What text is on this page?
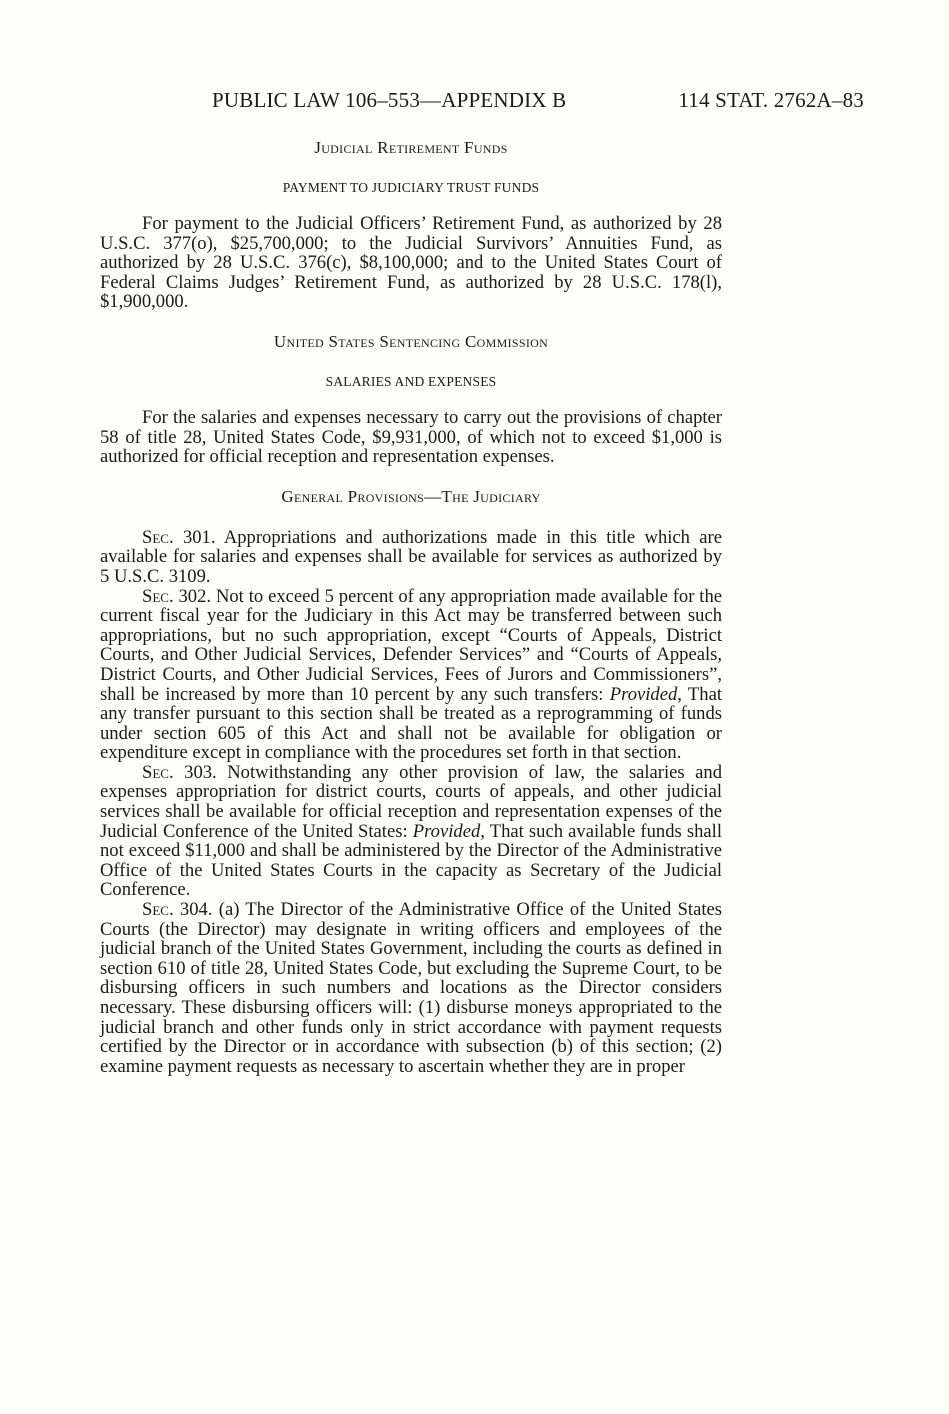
PUBLIC LAW 106–553—APPENDIX B	114 STAT. 2762A–83
Judicial Retirement Funds
PAYMENT TO JUDICIARY TRUST FUNDS

For payment to the Judicial Officers’ Retirement Fund, as authorized by 28 U.S.C. 377(o), $25,700,000; to the Judicial Survivors’ Annuities Fund, as authorized by 28 U.S.C. 376(c), $8,100,000; and to the United States Court of Federal Claims Judges’ Retirement Fund, as authorized by 28 U.S.C. 178(l), $1,900,000.

United States Sentencing Commission
SALARIES AND EXPENSES

For the salaries and expenses necessary to carry out the provisions of chapter 58 of title 28, United States Code, $9,931,000, of which not to exceed $1,000 is authorized for official reception and representation expenses.

General Provisions—The Judiciary

Sec. 301. Appropriations and authorizations made in this title which are available for salaries and expenses shall be available for services as authorized by 5 U.S.C. 3109.

Sec. 302. Not to exceed 5 percent of any appropriation made available for the current fiscal year for the Judiciary in this Act may be transferred between such appropriations, but no such appropriation, except “Courts of Appeals, District Courts, and Other Judicial Services, Defender Services” and “Courts of Appeals, District Courts, and Other Judicial Services, Fees of Jurors and Commissioners”, shall be increased by more than 10 percent by any such transfers: Provided, That any transfer pursuant to this section shall be treated as a reprogramming of funds under section 605 of this Act and shall not be available for obligation or expenditure except in compliance with the procedures set forth in that section.

Sec. 303. Notwithstanding any other provision of law, the salaries and expenses appropriation for district courts, courts of appeals, and other judicial services shall be available for official reception and representation expenses of the Judicial Conference of the United States: Provided, That such available funds shall not exceed $11,000 and shall be administered by the Director of the Administrative Office of the United States Courts in the capacity as Secretary of the Judicial Conference.

Sec. 304. (a) The Director of the Administrative Office of the United States Courts (the Director) may designate in writing officers and employees of the judicial branch of the United States Government, including the courts as defined in section 610 of title 28, United States Code, but excluding the Supreme Court, to be disbursing officers in such numbers and locations as the Director considers necessary. These disbursing officers will: (1) disburse moneys appropriated to the judicial branch and other funds only in strict accordance with payment requests certified by the Director or in accordance with subsection (b) of this section; (2) examine payment requests as necessary to ascertain whether they are in proper
